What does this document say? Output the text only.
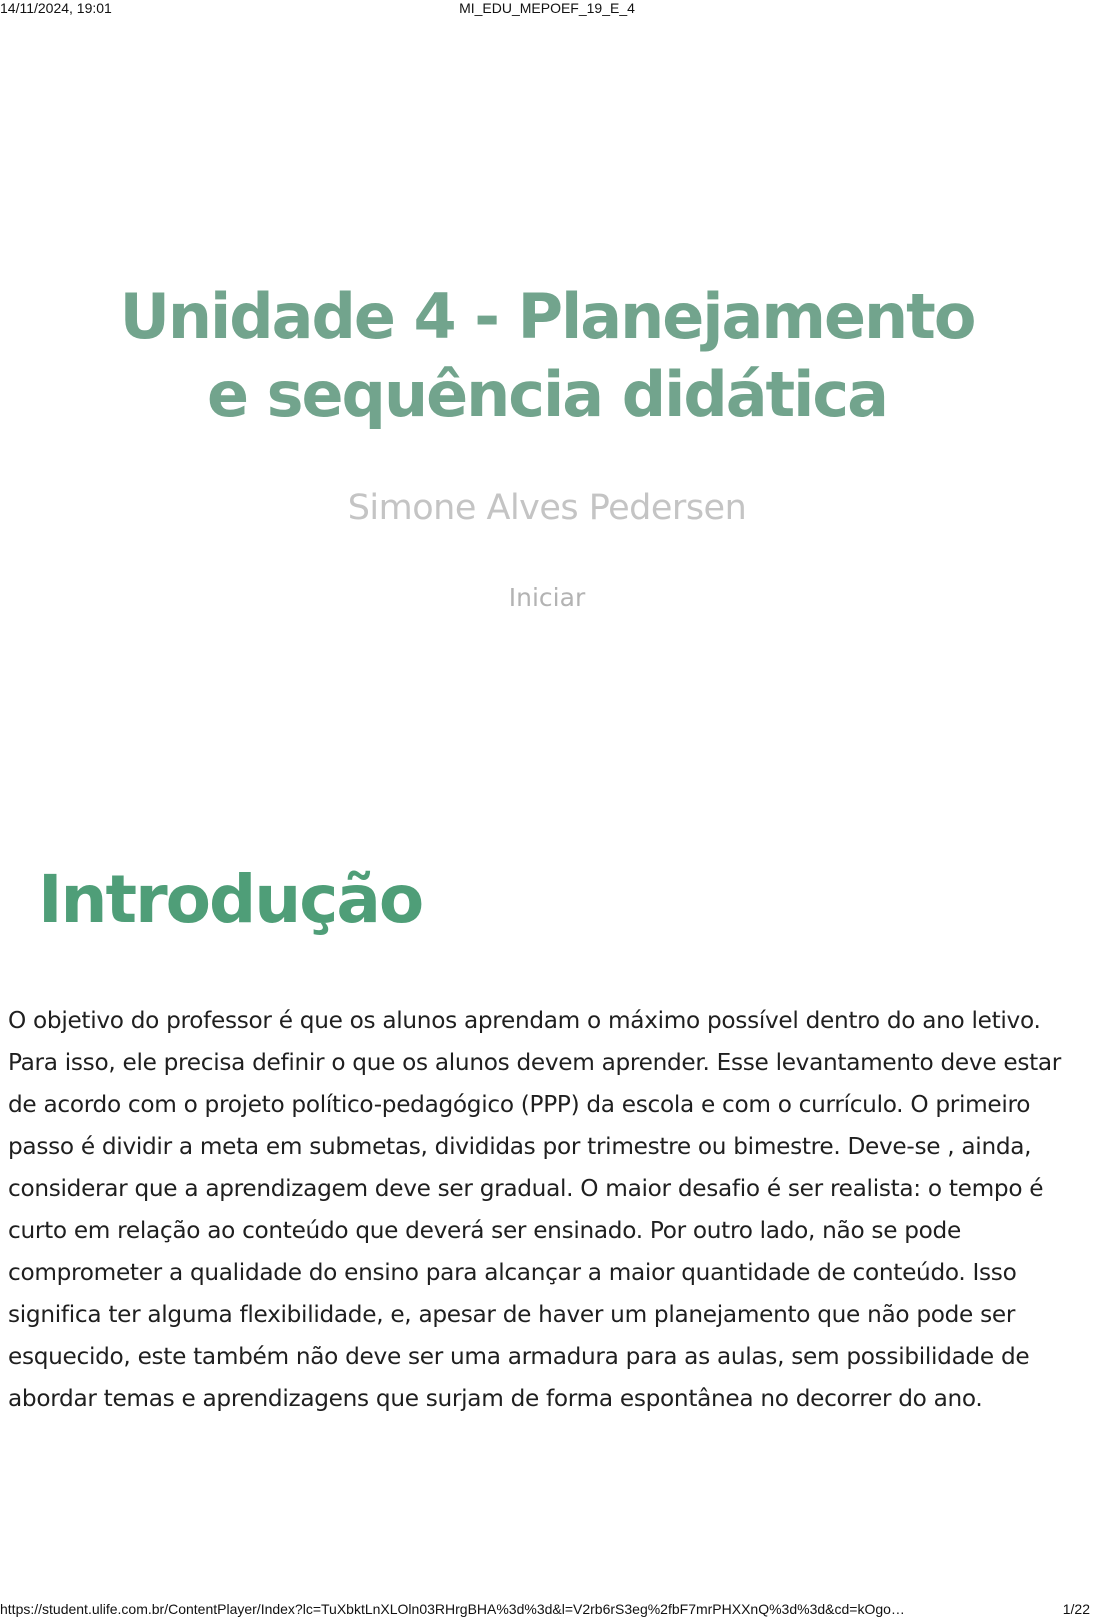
14/11/2024, 19:01	MI_EDU_MEPOEF_19_E_4
Unidade 4 - Planejamento e sequência didática
Simone Alves Pedersen
Iniciar
Introdução

O objetivo do professor é que os alunos aprendam o máximo possível dentro do ano letivo. Para isso, ele precisa definir o que os alunos devem aprender. Esse levantamento deve estar de acordo com o projeto político-pedagógico (PPP) da escola e com o currículo. O primeiro passo é dividir a meta em submetas, divididas por trimestre ou bimestre. Deve-se , ainda, considerar que a aprendizagem deve ser gradual. O maior desafio é ser realista: o tempo é curto em relação ao conteúdo que deverá ser ensinado. Por outro lado, não se pode comprometer a qualidade do ensino para alcançar a maior quantidade de conteúdo. Isso significa ter alguma flexibilidade, e, apesar de haver um planejamento que não pode ser esquecido, este também não deve ser uma armadura para as aulas, sem possibilidade de abordar temas e aprendizagens que surjam de forma espontânea no decorrer do ano.

https://student.ulife.com.br/ContentPlayer/Index?lc=TuXbktLnXLOln03RHrgBHA%3d%3d&l=V2rb6rS3eg%2fbF7mrPHXXnQ%3d%3d&cd=kOgo…	1/22
